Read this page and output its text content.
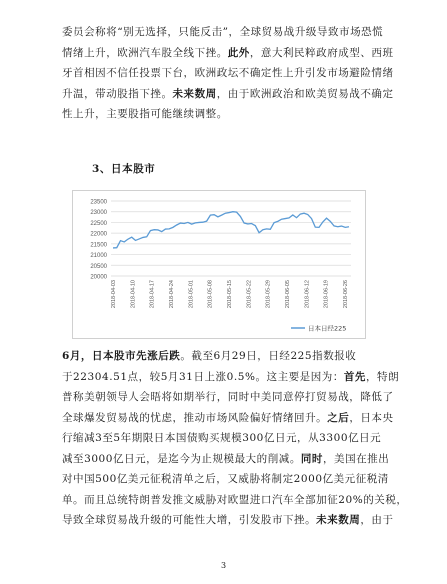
委员会称将“别无选择，只能反击”，全球贸易战升级导致市场恐慌

情绪上升，欧洲汽车股全线下挫。此外，意大利民粹政府成型、西班

牙首相因不信任投票下台，欧洲政坛不确定性上升引发市场避险情绪

升温，带动股指下挫。未来数周，由于欧洲政治和欧美贸易战不确定

性上升，主要股指可能继续调整。

3、日本股市
20000
20500
21000
21500
22000
22500
23000
23500
2018-04-03 2018-04-10 2018-04-17 2018-04-24 2018-05-01 2018-05-08 2018-05-15 2018-05-22 2018-05-29 2018-06-05 2018-06-12 2018-06-19 2018-06-26
日本日经225

6月，日本股市先涨后跌。截至6月29日，日经225指数报收

于22304.51点，较5月31日上涨0.5%。这主要是因为：首先，特朗

普称美朝领导人会晤将如期举行，同时中美同意停打贸易战，降低了

全球爆发贸易战的忧虑，推动市场风险偏好情绪回升。之后，日本央

行缩减3至5年期限日本国债购买规模300亿日元，从3300亿日元

减至3000亿日元，是迄今为止规模最大的削减。同时，美国在推出

对中国500亿美元征税清单之后，又威胁将制定2000亿美元征税清

单。而且总统特朗普发推文威胁对欧盟进口汽车全部加征20%的关税，

导致全球贸易战升级的可能性大增，引发股市下挫。未来数周，由于

3
